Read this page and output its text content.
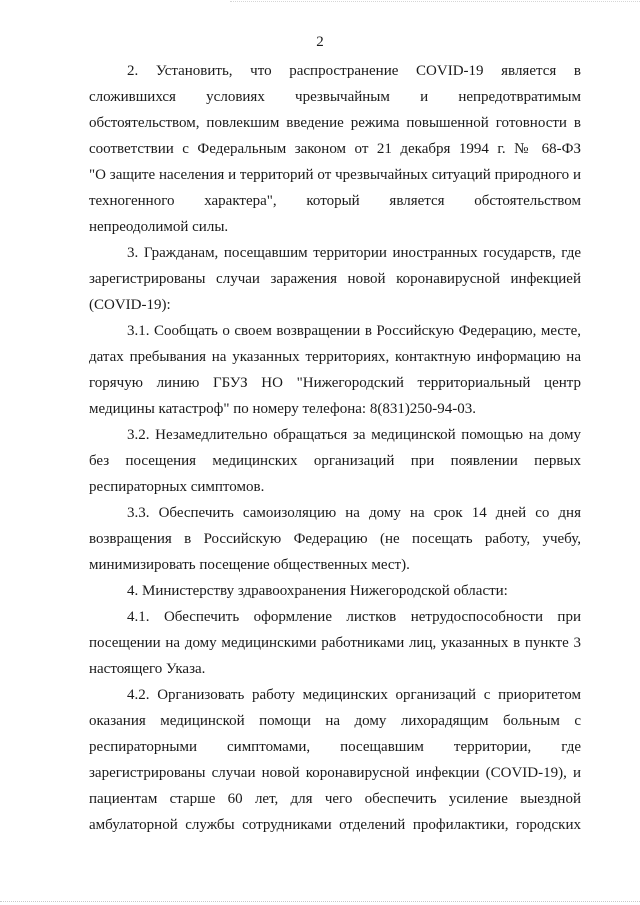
2
2. Установить, что распространение COVID-19 является в
сложившихся условиях чрезвычайным и непредотвратимым
обстоятельством, повлекшим введение режима повышенной готовности в
соответствии с Федеральным законом от 21 декабря 1994 г. № 68-ФЗ
"О защите населения и территорий от чрезвычайных ситуаций природного и
техногенного характера", который является обстоятельством
непреодолимой силы.
3. Гражданам, посещавшим территории иностранных государств, где
зарегистрированы случаи заражения новой коронавирусной инфекцией
(COVID-19):
3.1. Сообщать о своем возвращении в Российскую Федерацию, месте,
датах пребывания на указанных территориях, контактную информацию на
горячую линию ГБУЗ НО "Нижегородский территориальный центр
медицины катастроф" по номеру телефона: 8(831)250-94-03.
3.2. Незамедлительно обращаться за медицинской помощью на дому
без посещения медицинских организаций при появлении первых
респираторных симптомов.
3.3. Обеспечить самоизоляцию на дому на срок 14 дней со дня
возвращения в Российскую Федерацию (не посещать работу, учебу,
минимизировать посещение общественных мест).
4. Министерству здравоохранения Нижегородской области:
4.1. Обеспечить оформление листков нетрудоспособности при
посещении на дому медицинскими работниками лиц, указанных в пункте 3
настоящего Указа.
4.2. Организовать работу медицинских организаций с приоритетом
оказания медицинской помощи на дому лихорадящим больным с
респираторными симптомами, посещавшим территории, где
зарегистрированы случаи новой коронавирусной инфекции (COVID-19), и
пациентам старше 60 лет, для чего обеспечить усиление выездной
амбулаторной службы сотрудниками отделений профилактики, городских
